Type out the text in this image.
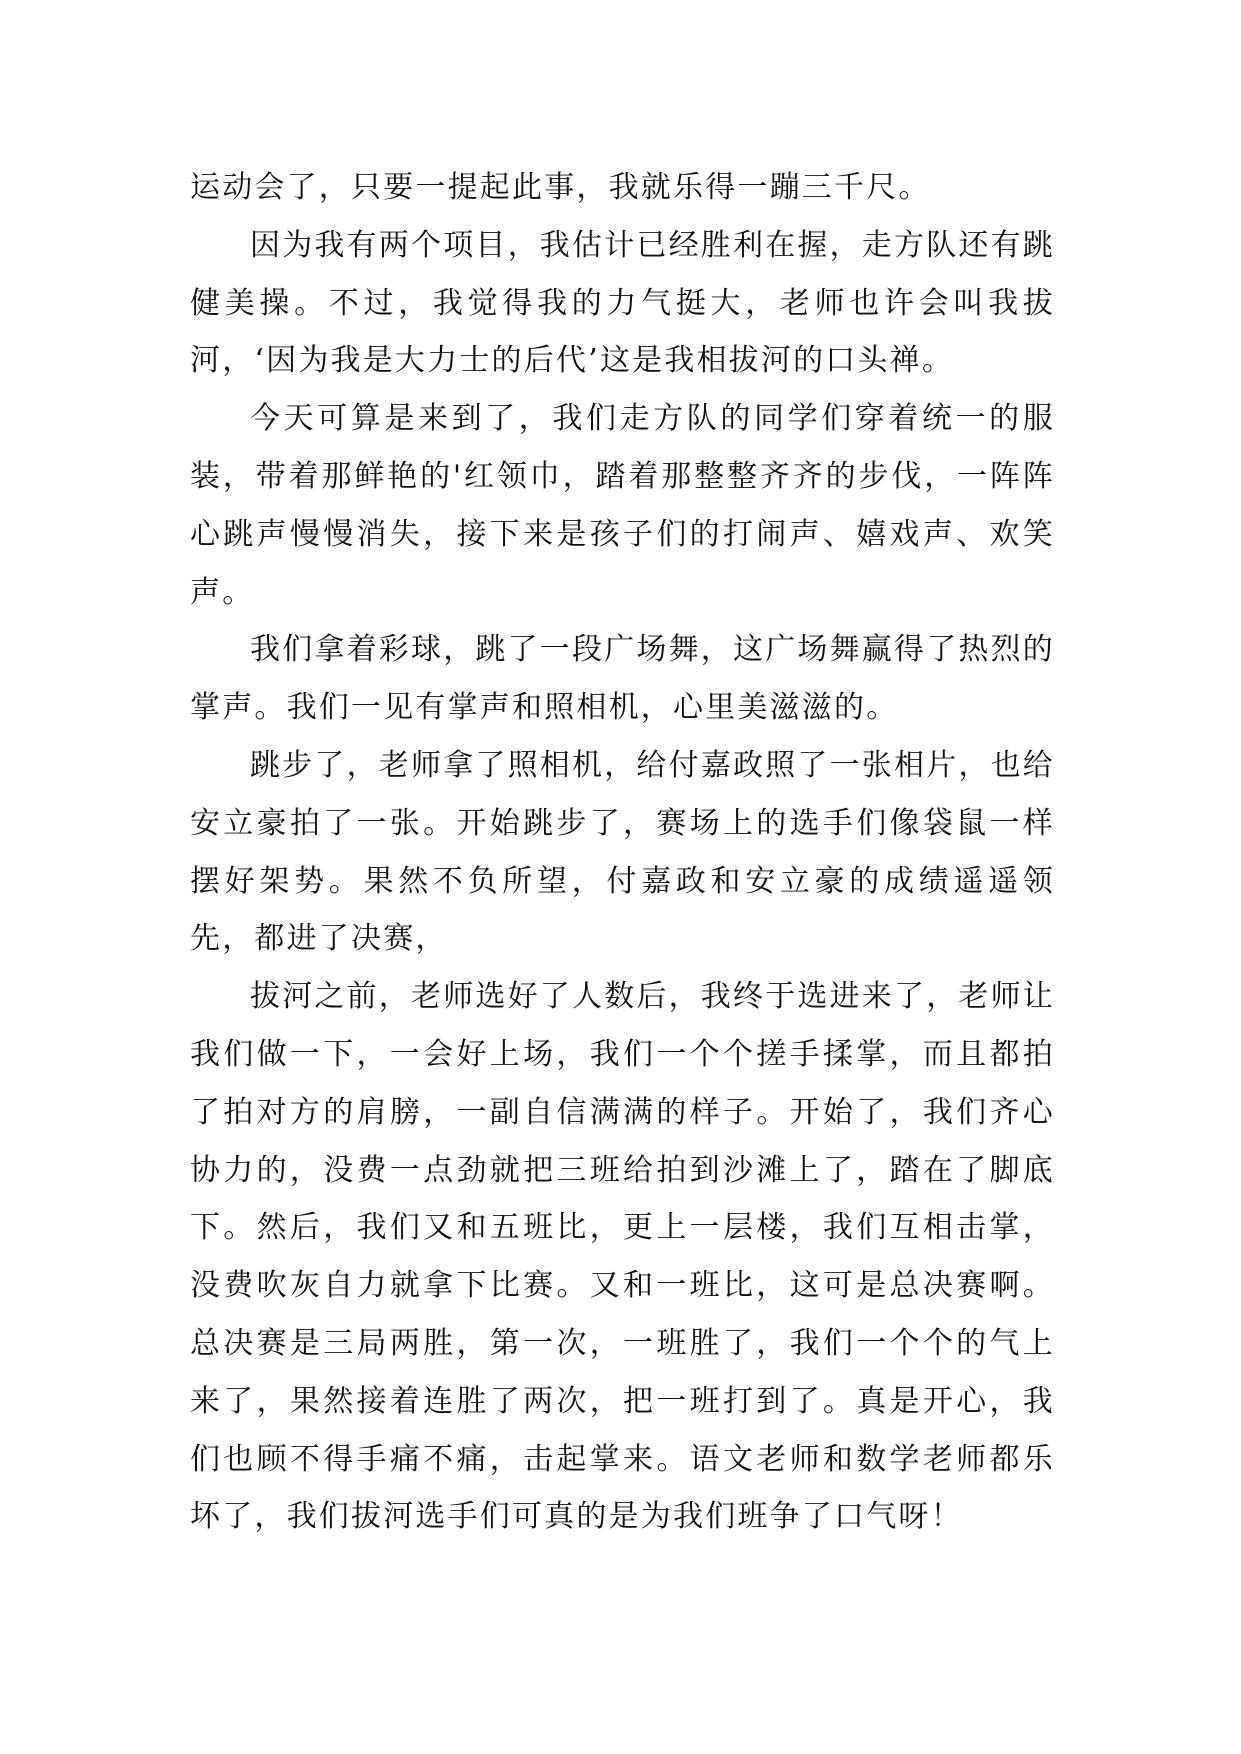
运动会了，只要一提起此事，我就乐得一蹦三千尺。

因为我有两个项目，我估计已经胜利在握，走方队还有跳健美操。不过，我觉得我的力气挺大，老师也许会叫我拔河，‘因为我是大力士的后代’这是我相拔河的口头禅。

今天可算是来到了，我们走方队的同学们穿着统一的服装，带着那鲜艳的'红领巾，踏着那整整齐齐的步伐，一阵阵心跳声慢慢消失，接下来是孩子们的打闹声、嬉戏声、欢笑声。

我们拿着彩球，跳了一段广场舞，这广场舞赢得了热烈的掌声。我们一见有掌声和照相机，心里美滋滋的。

跳步了，老师拿了照相机，给付嘉政照了一张相片，也给安立豪拍了一张。开始跳步了，赛场上的选手们像袋鼠一样摆好架势。果然不负所望，付嘉政和安立豪的成绩遥遥领先，都进了决赛，

拔河之前，老师选好了人数后，我终于选进来了，老师让我们做一下，一会好上场，我们一个个搓手揉掌，而且都拍了拍对方的肩膀，一副自信满满的样子。开始了，我们齐心协力的，没费一点劲就把三班给拍到沙滩上了，踏在了脚底下。然后，我们又和五班比，更上一层楼，我们互相击掌，没费吹灰自力就拿下比赛。又和一班比，这可是总决赛啊。总决赛是三局两胜，第一次，一班胜了，我们一个个的气上来了，果然接着连胜了两次，把一班打到了。真是开心，我们也顾不得手痛不痛，击起掌来。语文老师和数学老师都乐坏了，我们拔河选手们可真的是为我们班争了口气呀！
